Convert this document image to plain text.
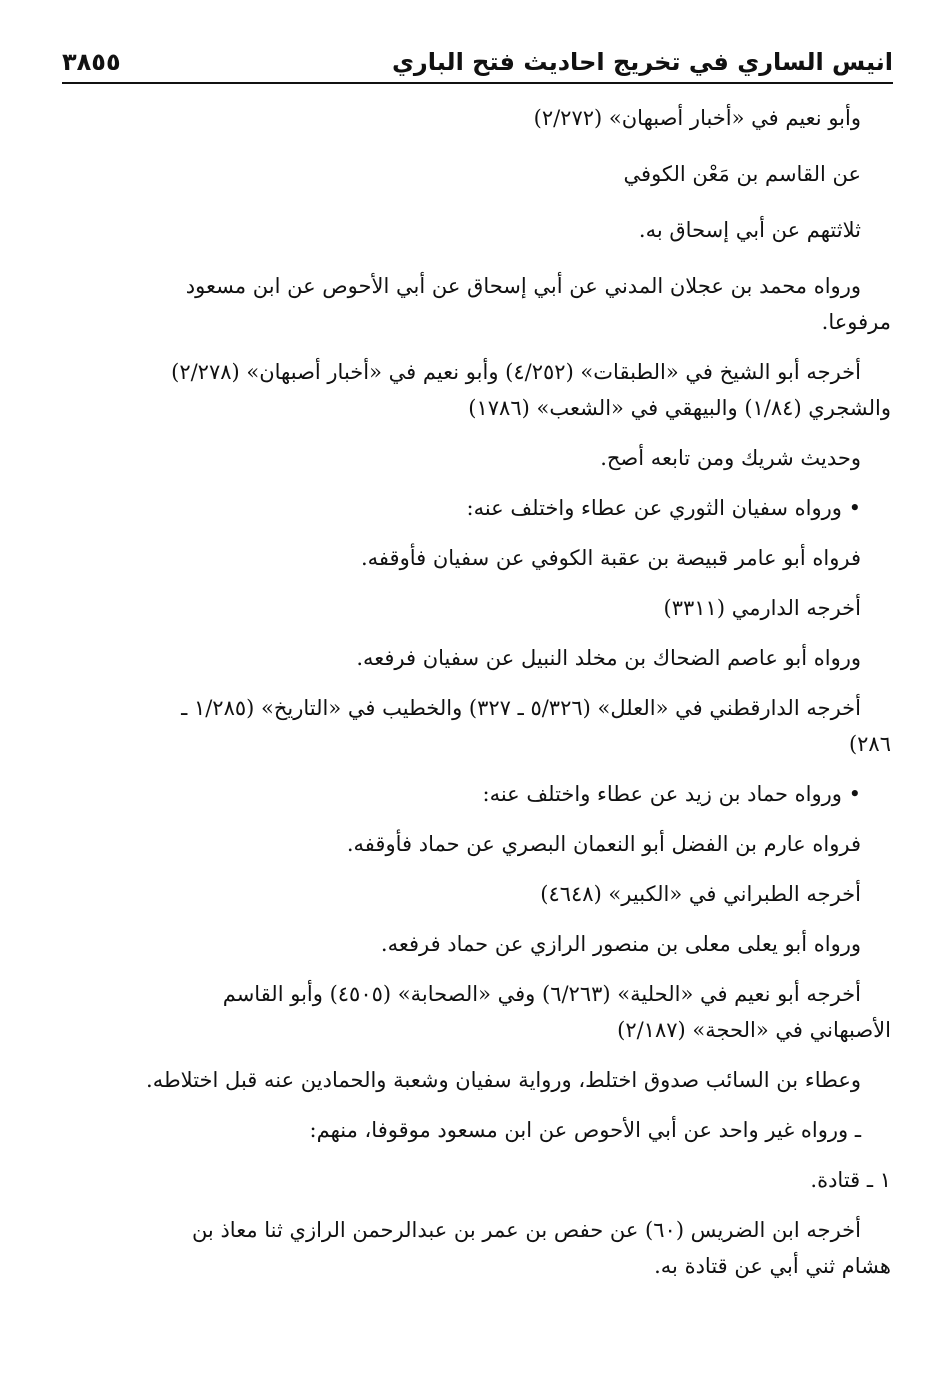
انيس الساري في تخريج احاديث فتح الباري
٣٨٥٥

وأبو نعيم في «أخبار أصبهان» (٢/٢٧٢)

عن القاسم بن مَعْن الكوفي

ثلاثتهم عن أبي إسحاق به.

ورواه محمد بن عجلان المدني عن أبي إسحاق عن أبي الأحوص عن ابن مسعود

مرفوعا.

أخرجه أبو الشيخ في «الطبقات» (٤/٢٥٢) وأبو نعيم في «أخبار أصبهان» (٢/٢٧٨)

والشجري (١/٨٤) والبيهقي في «الشعب» (١٧٨٦)

وحديث شريك ومن تابعه أصح.

• ورواه سفيان الثوري عن عطاء واختلف عنه:

فرواه أبو عامر قبيصة بن عقبة الكوفي عن سفيان فأوقفه.

أخرجه الدارمي (٣٣١١)

ورواه أبو عاصم الضحاك بن مخلد النبيل عن سفيان فرفعه.

أخرجه الدارقطني في «العلل» (٥/٣٢٦ ـ ٣٢٧) والخطيب في «التاريخ» (١/٢٨٥ ـ

٢٨٦)

• ورواه حماد بن زيد عن عطاء واختلف عنه:

فرواه عارم بن الفضل أبو النعمان البصري عن حماد فأوقفه.

أخرجه الطبراني في «الكبير» (٤٦٤٨)

ورواه أبو يعلى معلى بن منصور الرازي عن حماد فرفعه.

أخرجه أبو نعيم في «الحلية» (٦/٢٦٣) وفي «الصحابة» (٤٥٠٥) وأبو القاسم

الأصبهاني في «الحجة» (٢/١٨٧)

وعطاء بن السائب صدوق اختلط، ورواية سفيان وشعبة والحمادين عنه قبل اختلاطه.

ـ ورواه غير واحد عن أبي الأحوص عن ابن مسعود موقوفا، منهم:

١ ـ قتادة.

أخرجه ابن الضريس (٦٠) عن حفص بن عمر بن عبدالرحمن الرازي ثنا معاذ بن

هشام ثني أبي عن قتادة به.
